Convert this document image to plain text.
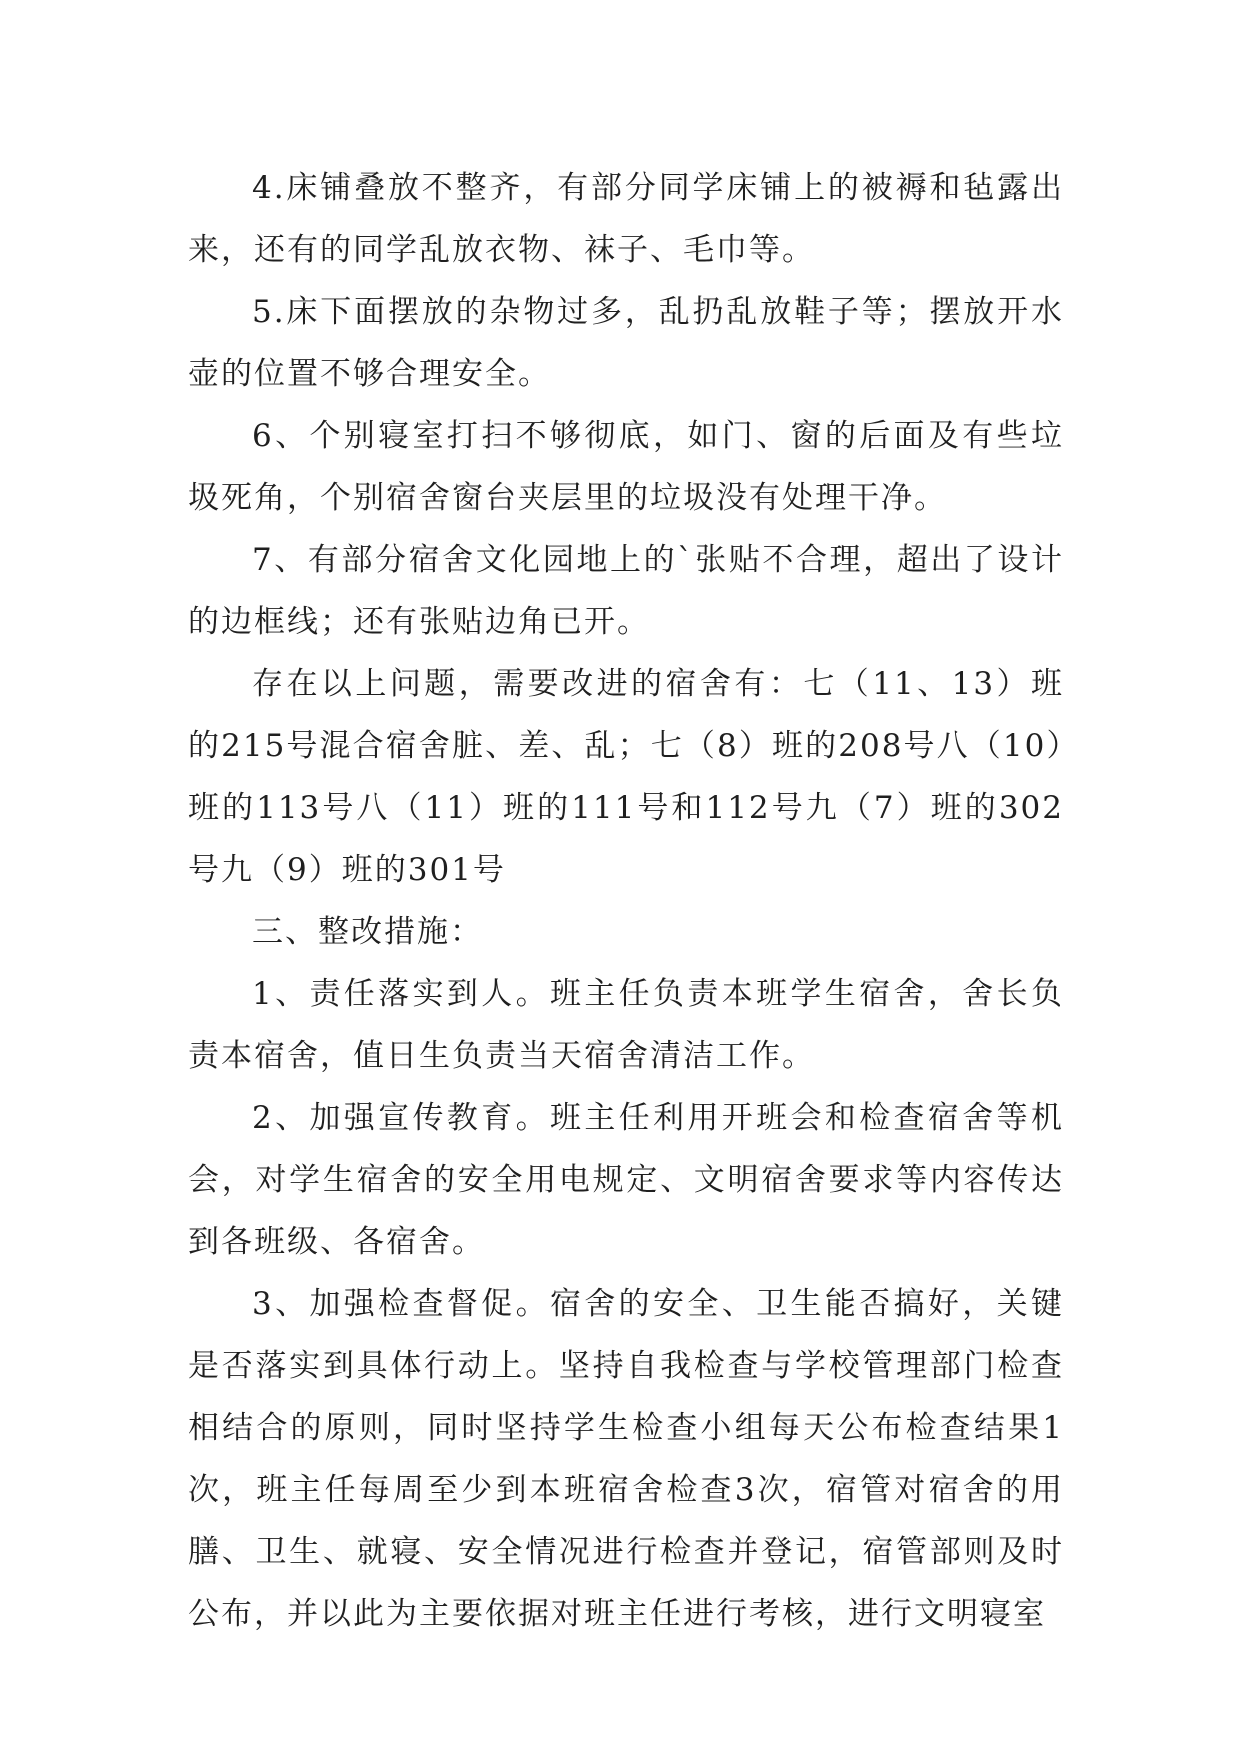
4.床铺叠放不整齐，有部分同学床铺上的被褥和毡露出来，还有的同学乱放衣物、袜子、毛巾等。

5.床下面摆放的杂物过多，乱扔乱放鞋子等；摆放开水壶的位置不够合理安全。

6、个别寝室打扫不够彻底，如门、窗的后面及有些垃圾死角，个别宿舍窗台夹层里的垃圾没有处理干净。

7、有部分宿舍文化园地上的`张贴不合理，超出了设计的边框线；还有张贴边角已开。

存在以上问题，需要改进的宿舍有：七（11、13）班的215号混合宿舍脏、差、乱；七（8）班的208号八（10）班的113号八（11）班的111号和112号九（7）班的302号九（9）班的301号

三、整改措施：

1、责任落实到人。班主任负责本班学生宿舍，舍长负责本宿舍，值日生负责当天宿舍清洁工作。

2、加强宣传教育。班主任利用开班会和检查宿舍等机会，对学生宿舍的安全用电规定、文明宿舍要求等内容传达到各班级、各宿舍。

3、加强检查督促。宿舍的安全、卫生能否搞好，关键是否落实到具体行动上。坚持自我检查与学校管理部门检查相结合的原则，同时坚持学生检查小组每天公布检查结果1次，班主任每周至少到本班宿舍检查3次，宿管对宿舍的用膳、卫生、就寝、安全情况进行检查并登记，宿管部则及时公布，并以此为主要依据对班主任进行考核，进行文明寝室
